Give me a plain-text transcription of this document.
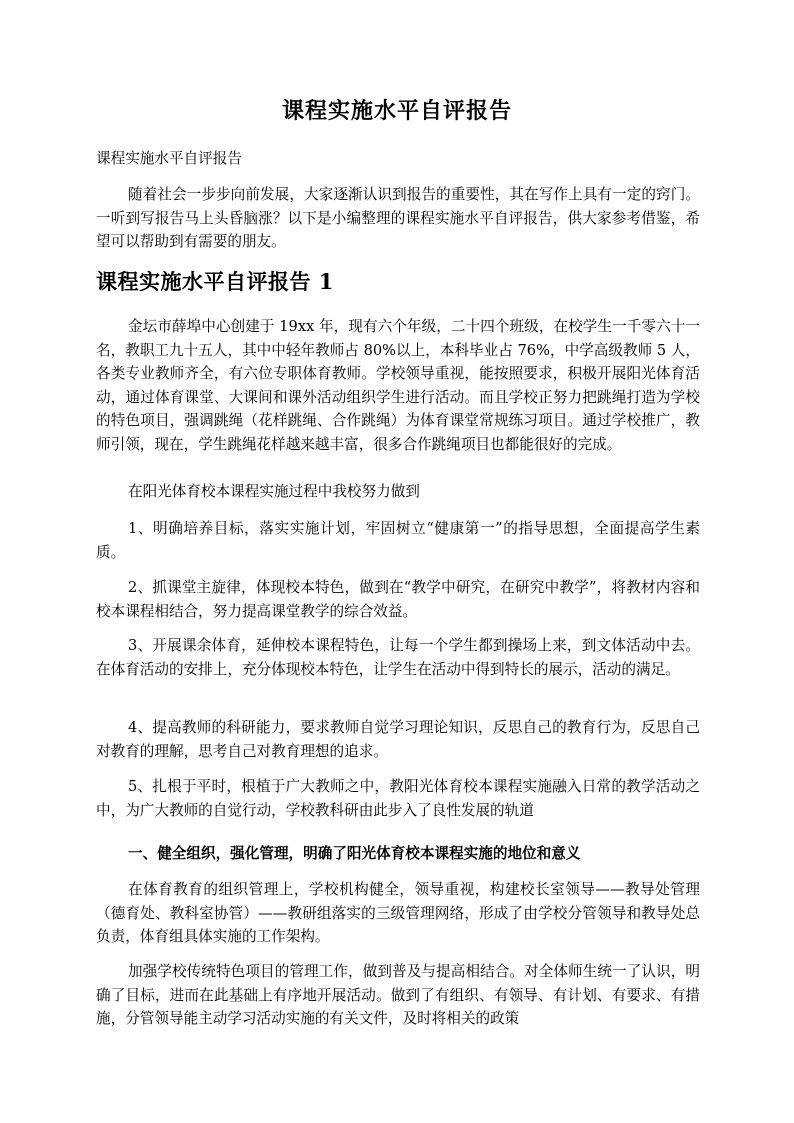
课程实施水平自评报告

课程实施水平自评报告

随着社会一步步向前发展，大家逐渐认识到报告的重要性，其在写作上具有一定的窍门。一听到写报告马上头昏脑涨？以下是小编整理的课程实施水平自评报告，供大家参考借鉴，希望可以帮助到有需要的朋友。

课程实施水平自评报告 1

金坛市薛埠中心创建于 19xx 年，现有六个年级，二十四个班级，在校学生一千零六十一名，教职工九十五人，其中中轻年教师占 80%以上，本科毕业占 76%，中学高级教师 5 人，各类专业教师齐全，有六位专职体育教师。学校领导重视，能按照要求，积极开展阳光体育活动，通过体育课堂、大课间和课外活动组织学生进行活动。而且学校正努力把跳绳打造为学校的特色项目，强调跳绳（花样跳绳、合作跳绳）为体育课堂常规练习项目。通过学校推广，教师引领，现在，学生跳绳花样越来越丰富，很多合作跳绳项目也都能很好的完成。

在阳光体育校本课程实施过程中我校努力做到

1、明确培养目标，落实实施计划，牢固树立“健康第一”的指导思想，全面提高学生素质。

2、抓课堂主旋律，体现校本特色，做到在“教学中研究，在研究中教学”，将教材内容和校本课程相结合，努力提高课堂教学的综合效益。

3、开展课余体育，延伸校本课程特色，让每一个学生都到操场上来，到文体活动中去。在体育活动的安排上，充分体现校本特色，让学生在活动中得到特长的展示，活动的满足。

4、提高教师的科研能力，要求教师自觉学习理论知识，反思自己的教育行为，反思自己对教育的理解，思考自己对教育理想的追求。

5、扎根于平时，根植于广大教师之中，教阳光体育校本课程实施融入日常的教学活动之中，为广大教师的自觉行动，学校教科研由此步入了良性发展的轨道

一、健全组织，强化管理，明确了阳光体育校本课程实施的地位和意义

在体育教育的组织管理上，学校机构健全，领导重视，构建校长室领导——教导处管理（德育处、教科室协管）——教研组落实的三级管理网络，形成了由学校分管领导和教导处总负责，体育组具体实施的工作架构。

加强学校传统特色项目的管理工作，做到普及与提高相结合。对全体师生统一了认识，明确了目标，进而在此基础上有序地开展活动。做到了有组织、有领导、有计划、有要求、有措施，分管领导能主动学习活动实施的有关文件，及时将相关的政策
